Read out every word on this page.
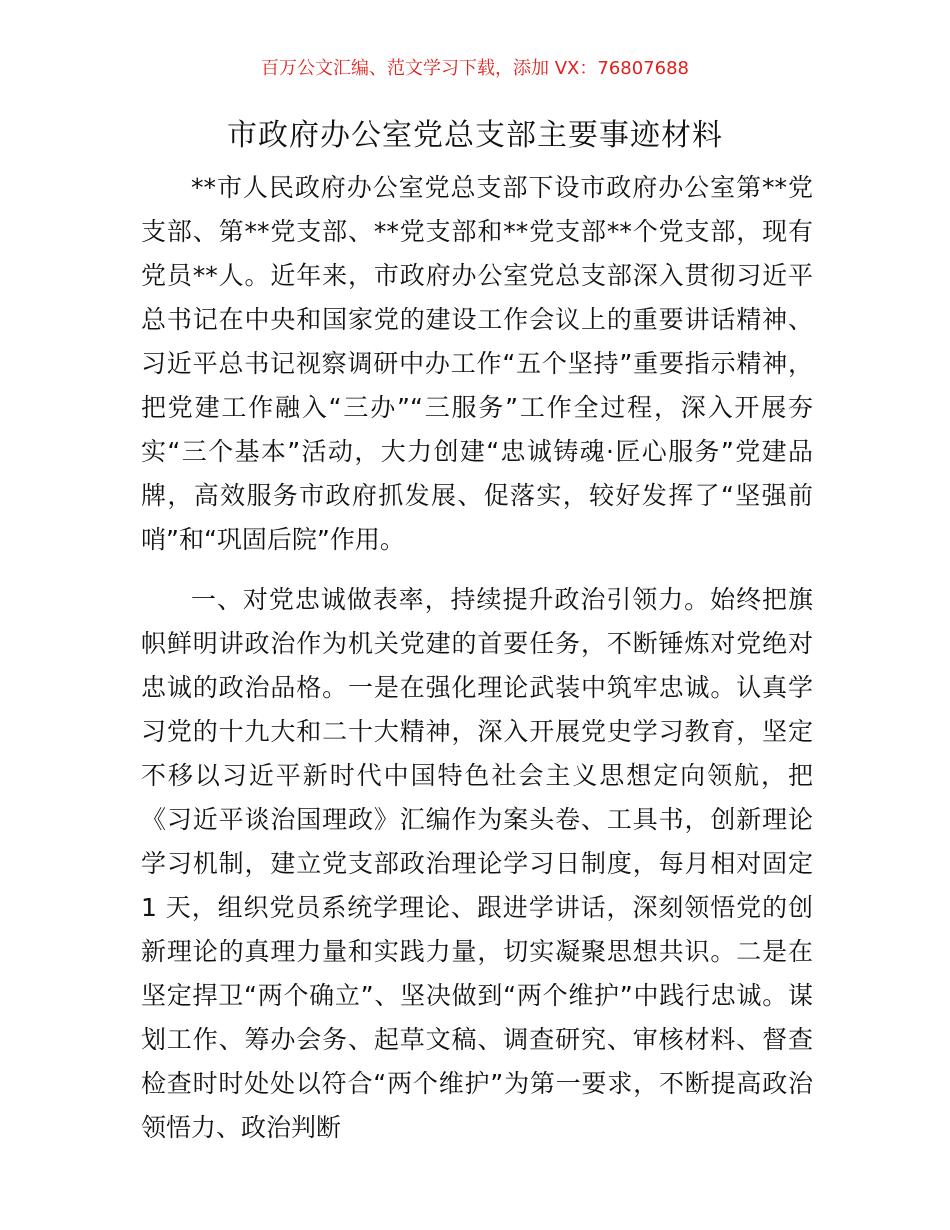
百万公文汇编、范文学习下载，添加 VX：76807688
市政府办公室党总支部主要事迹材料

**市人民政府办公室党总支部下设市政府办公室第**党支部、第**党支部、**党支部和**党支部**个党支部，现有党员**人。近年来，市政府办公室党总支部深入贯彻习近平总书记在中央和国家党的建设工作会议上的重要讲话精神、习近平总书记视察调研中办工作“五个坚持”重要指示精神，把党建工作融入“三办”“三服务”工作全过程，深入开展夯实“三个基本”活动，大力创建“忠诚铸魂·匠心服务”党建品牌，高效服务市政府抓发展、促落实，较好发挥了“坚强前哨”和“巩固后院”作用。

一、对党忠诚做表率，持续提升政治引领力。始终把旗帜鲜明讲政治作为机关党建的首要任务，不断锤炼对党绝对忠诚的政治品格。一是在强化理论武装中筑牢忠诚。认真学习党的十九大和二十大精神，深入开展党史学习教育，坚定不移以习近平新时代中国特色社会主义思想定向领航，把《习近平谈治国理政》汇编作为案头卷、工具书，创新理论学习机制，建立党支部政治理论学习日制度，每月相对固定 1 天，组织党员系统学理论、跟进学讲话，深刻领悟党的创新理论的真理力量和实践力量，切实凝聚思想共识。二是在坚定捍卫“两个确立”、坚决做到“两个维护”中践行忠诚。谋划工作、筹办会务、起草文稿、调查研究、审核材料、督查检查时时处处以符合“两个维护”为第一要求，不断提高政治领悟力、政治判断
